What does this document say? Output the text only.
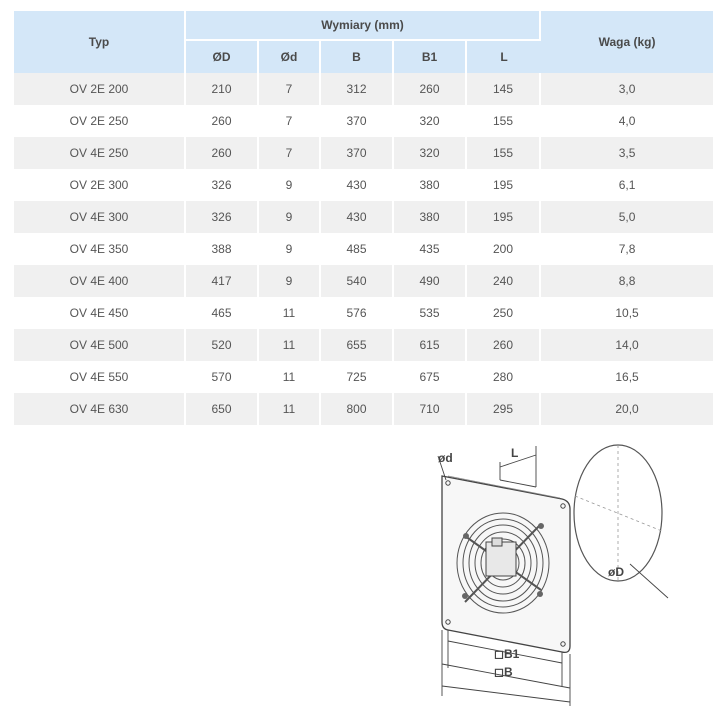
Typ	Wymiary (mm)					Waga (kg)
	ØD	Ød	B	B1	L	
OV 2E 200	210	7	312	260	145	3,0
OV 2E 250	260	7	370	320	155	4,0
OV 4E 250	260	7	370	320	155	3,5
OV 2E 300	326	9	430	380	195	6,1
OV 4E 300	326	9	430	380	195	5,0
OV 4E 350	388	9	485	435	200	7,8
OV 4E 400	417	9	540	490	240	8,8
OV 4E 450	465	11	576	535	250	10,5
OV 4E 500	520	11	655	615	260	14,0
OV 4E 550	570	11	725	675	280	16,5
OV 4E 630	650	11	800	710	295	20,0
ød	L
øD
◻B1
◻B
